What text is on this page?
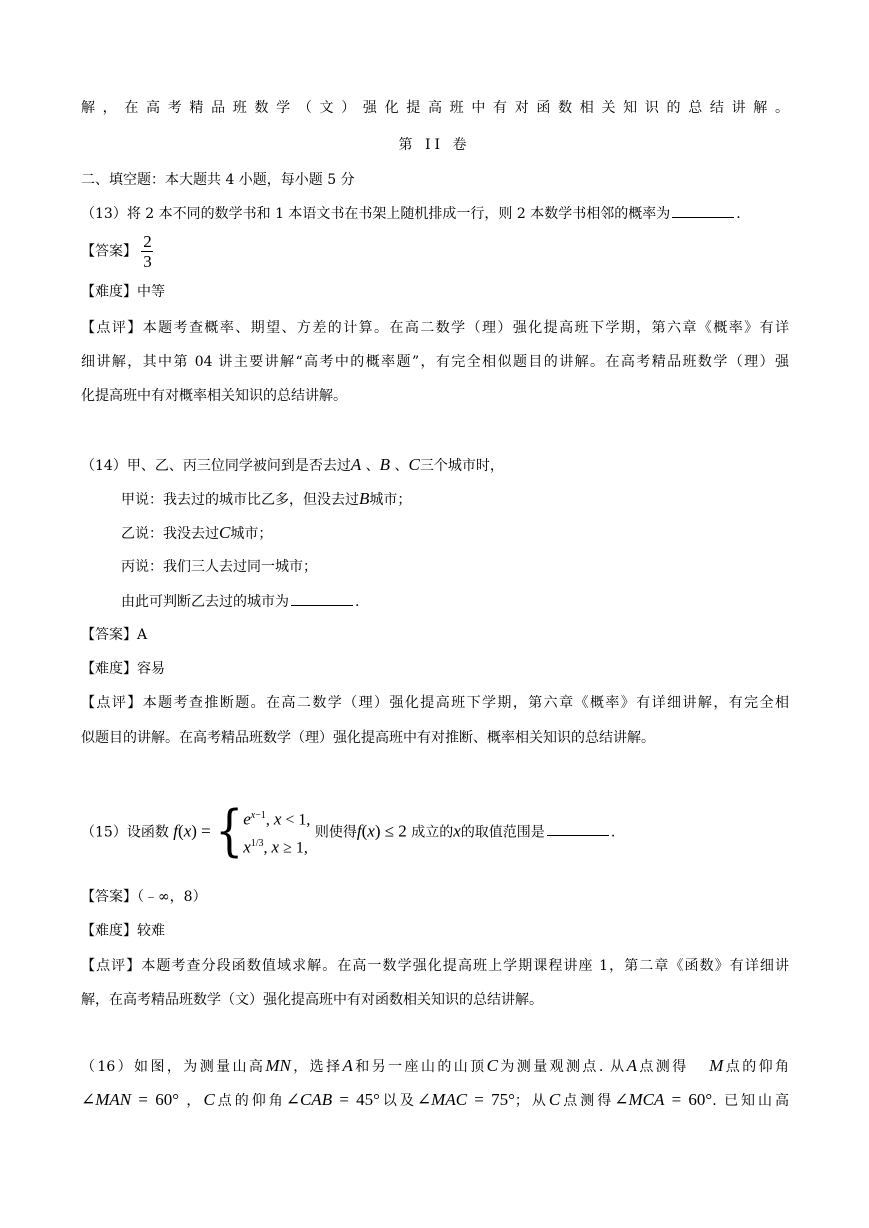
解，在高考精品班数学（文）强化提高班中有对函数相关知识的总结讲解。
第 II 卷
二、填空题：本大题共 4 小题，每小题 5 分
（13）将 2 本不同的数学书和 1 本语文书在书架上随机排成一行，则 2 本数学书相邻的概率为	.
【答案】 $\frac{2}{3}$
【难度】中等
【点评】本题考查概率、期望、方差的计算。在高二数学（理）强化提高班下学期，第六章《概率》有详
细讲解，其中第 04 讲主要讲解“高考中的概率题”，有完全相似题目的讲解。在高考精品班数学（理）强
化提高班中有对概率相关知识的总结讲解。
（14）甲、乙、丙三位同学被问到是否去过A 、B 、C三个城市时，
甲说：我去过的城市比乙多，但没去过B城市；
乙说：我没去过C城市；
丙说：我们三人去过同一城市；
由此可判断乙去过的城市为	.
【答案】A
【难度】容易
【点评】本题考查推断题。在高二数学（理）强化提高班下学期，第六章《概率》有详细讲解，有完全相
似题目的讲解。在高考精品班数学（理）强化提高班中有对推断、概率相关知识的总结讲解。
（15）设函数 f(x) = { $e^{x-1}$, x < 1,
$x^{1/3}$, x ≥ 1,
则使得f(x) ≤ 2 成立的x的取值范围是	.
【答案】（﹣∞，8）
【难度】较难
【点评】本题考查分段函数值域求解。在高一数学强化提高班上学期课程讲座 1，第二章《函数》有详细讲
解，在高考精品班数学（文）强化提高班中有对函数相关知识的总结讲解。
（16）如图，为测量山高MN，选择A和另一座山的山顶C为测量观测点. 从A点测得 M点的仰角
∠MAN = 60° ，C点的仰角∠CAB = 45°以及∠MAC = 75°；从C点测得∠MCA = 60°. 已知山高
